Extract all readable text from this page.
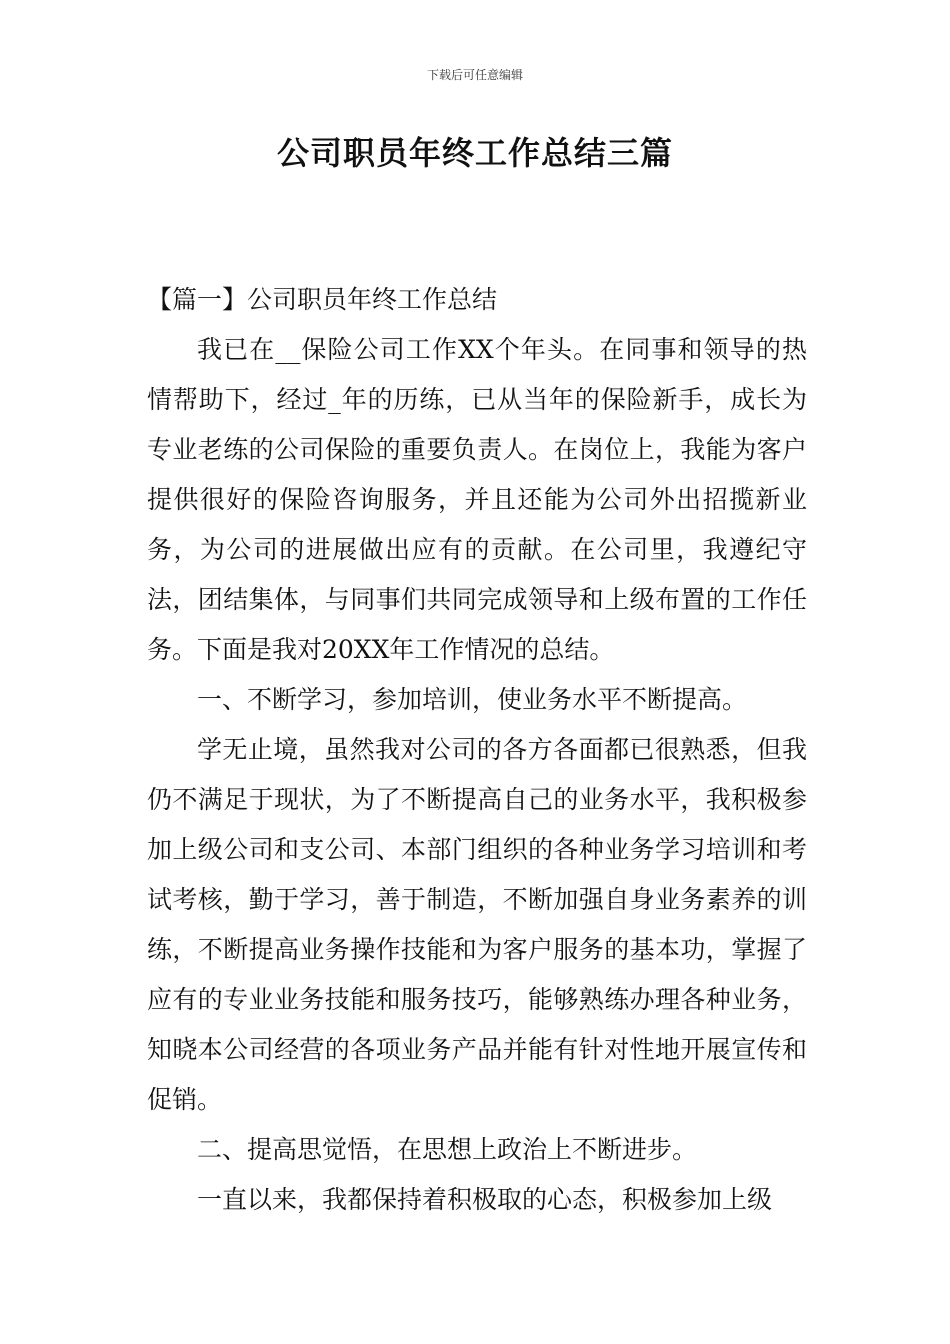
下载后可任意编辑
公司职员年终工作总结三篇

【篇一】公司职员年终工作总结

我已在__保险公司工作XX个年头。在同事和领导的热情帮助下，经过_年的历练，已从当年的保险新手，成长为专业老练的公司保险的重要负责人。在岗位上，我能为客户提供很好的保险咨询服务，并且还能为公司外出招揽新业务，为公司的进展做出应有的贡献。在公司里，我遵纪守法，团结集体，与同事们共同完成领导和上级布置的工作任务。下面是我对20XX年工作情况的总结。

一、不断学习，参加培训，使业务水平不断提高。

学无止境，虽然我对公司的各方各面都已很熟悉，但我仍不满足于现状，为了不断提高自己的业务水平，我积极参加上级公司和支公司、本部门组织的各种业务学习培训和考试考核，勤于学习，善于制造，不断加强自身业务素养的训练，不断提高业务操作技能和为客户服务的基本功，掌握了应有的专业业务技能和服务技巧，能够熟练办理各种业务，知晓本公司经营的各项业务产品并能有针对性地开展宣传和促销。

二、提高思觉悟，在思想上政治上不断进步。

一直以来，我都保持着积极取的心态，积极参加上级
